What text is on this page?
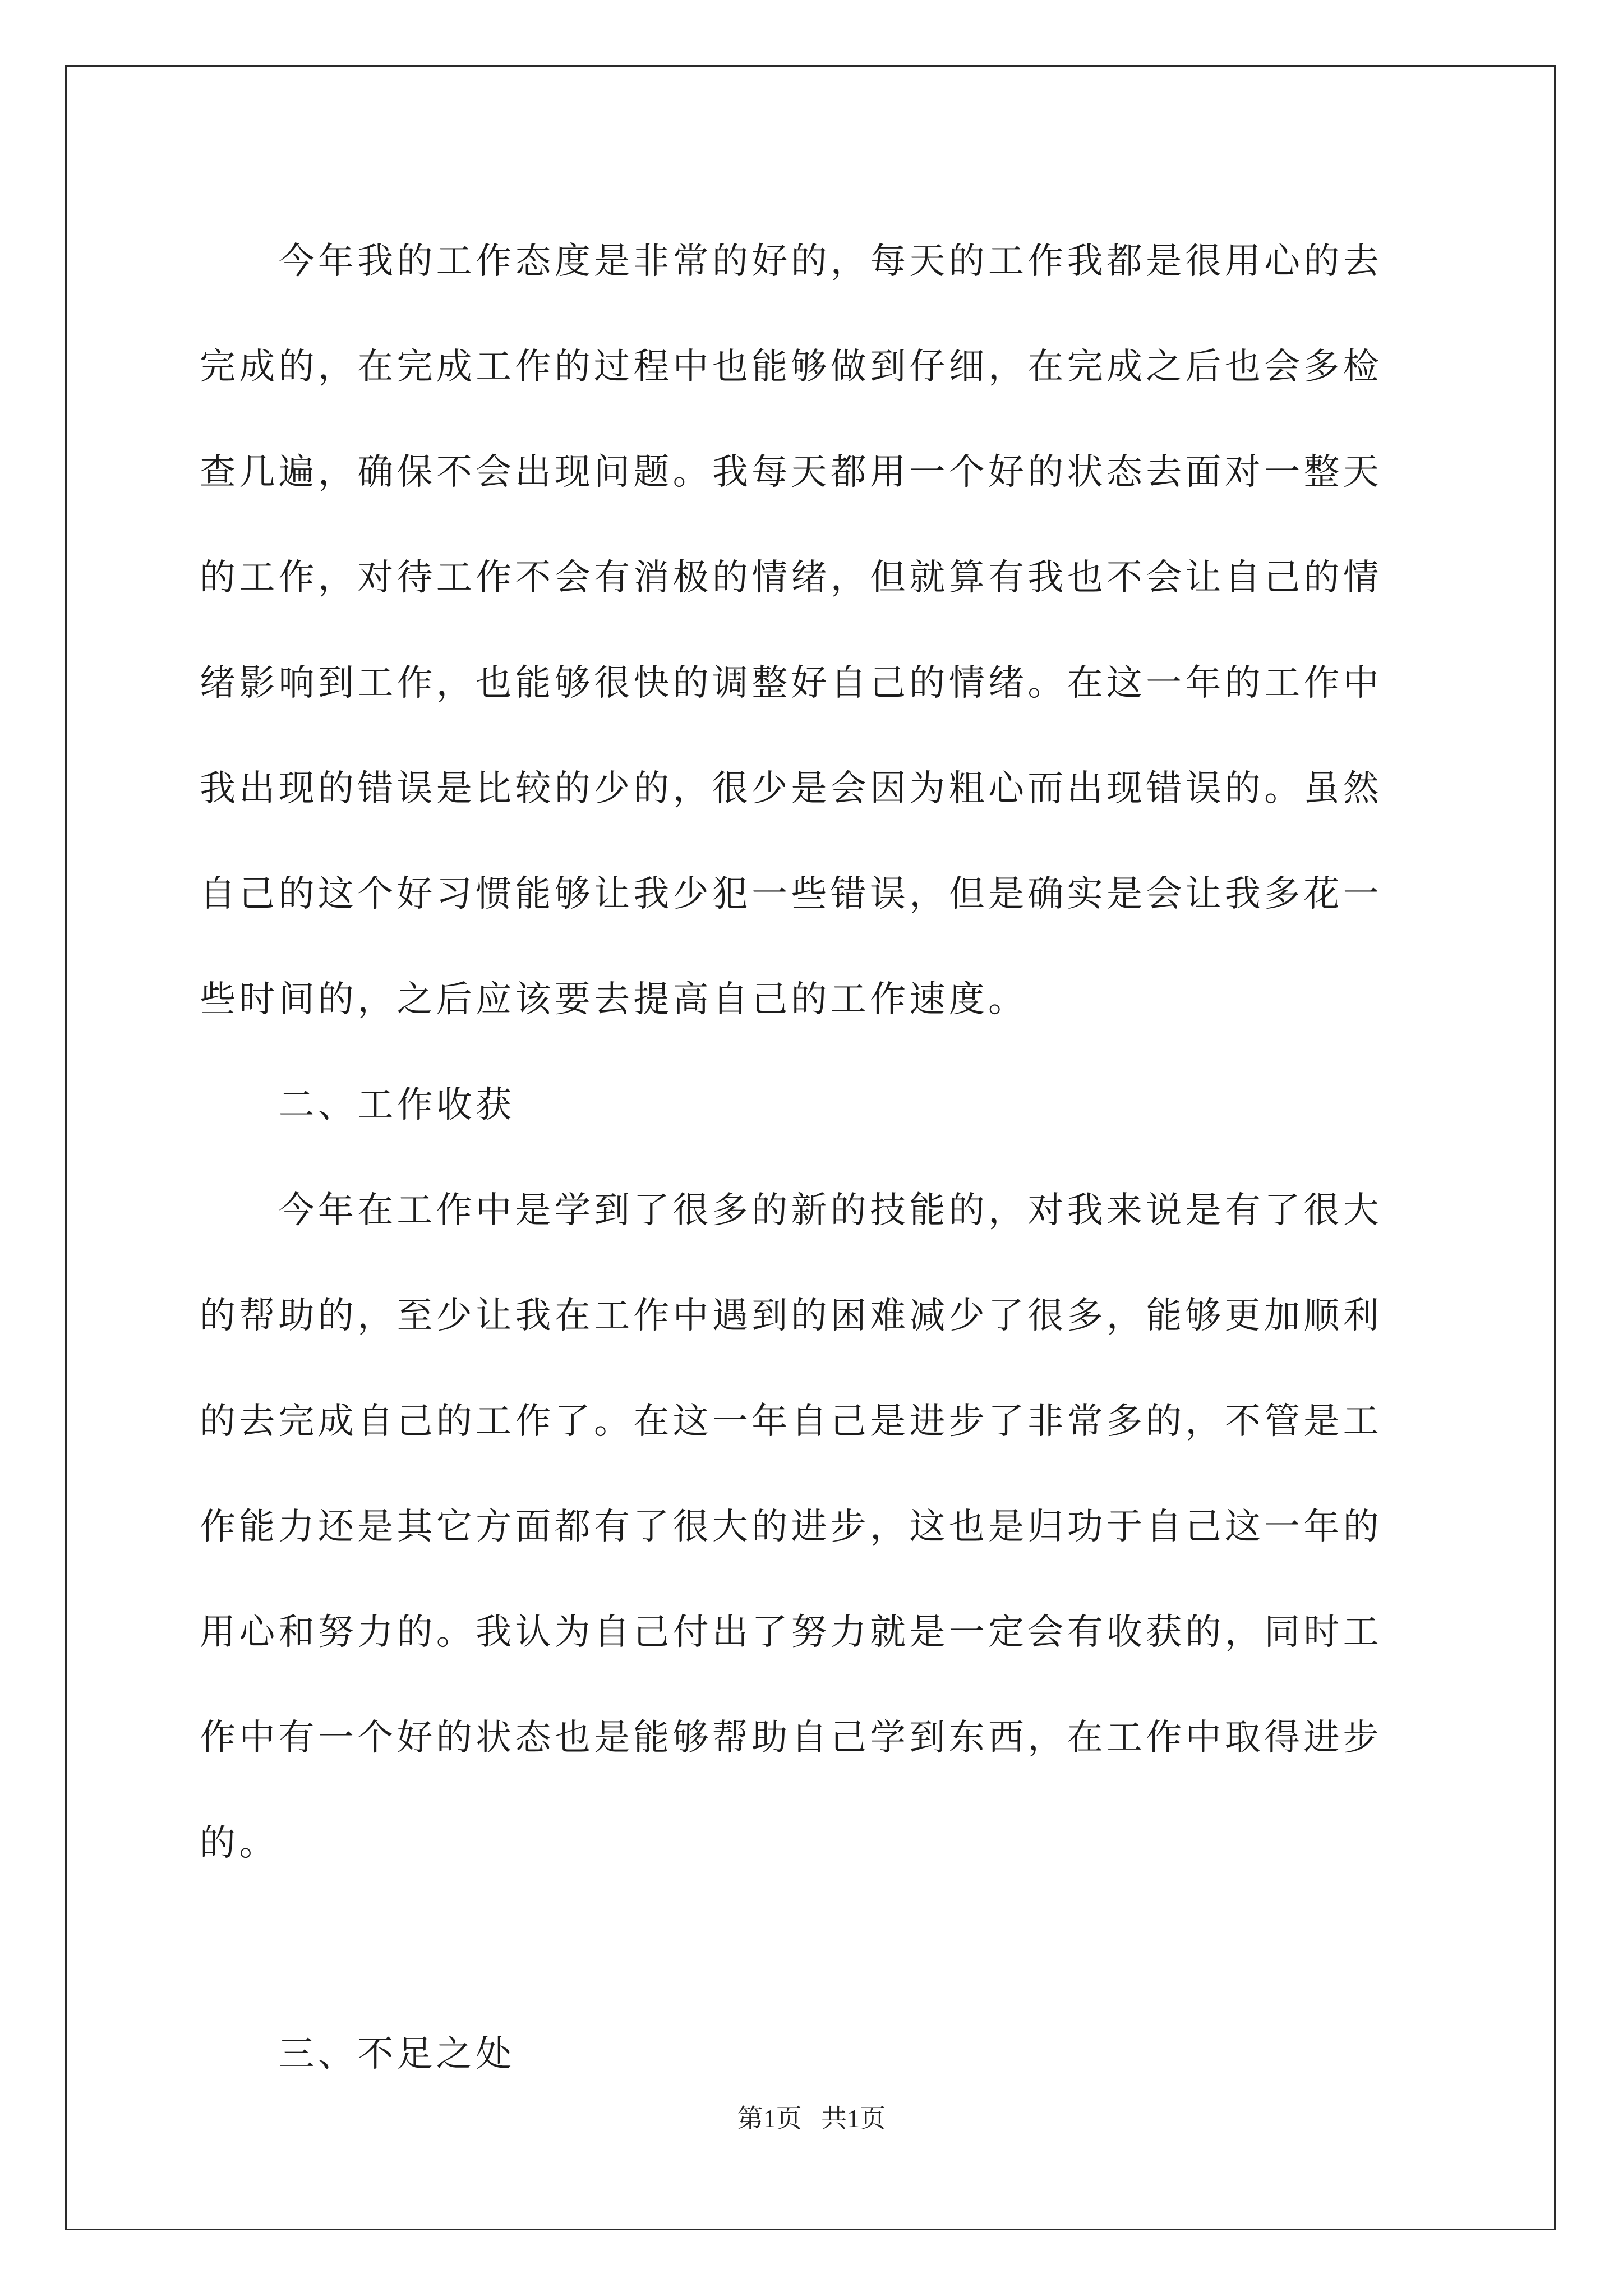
　　今年我的工作态度是非常的好的，每天的工作我都是很用心的去
完成的，在完成工作的过程中也能够做到仔细，在完成之后也会多检
查几遍，确保不会出现问题。我每天都用一个好的状态去面对一整天
的工作，对待工作不会有消极的情绪，但就算有我也不会让自己的情
绪影响到工作，也能够很快的调整好自己的情绪。在这一年的工作中
我出现的错误是比较的少的，很少是会因为粗心而出现错误的。虽然
自己的这个好习惯能够让我少犯一些错误，但是确实是会让我多花一
些时间的，之后应该要去提高自己的工作速度。
　　二、工作收获
　　今年在工作中是学到了很多的新的技能的，对我来说是有了很大
的帮助的，至少让我在工作中遇到的困难减少了很多，能够更加顺利
的去完成自己的工作了。在这一年自己是进步了非常多的，不管是工
作能力还是其它方面都有了很大的进步，这也是归功于自己这一年的
用心和努力的。我认为自己付出了努力就是一定会有收获的，同时工
作中有一个好的状态也是能够帮助自己学到东西，在工作中取得进步
的。
　　三、不足之处
第1页   共1页
